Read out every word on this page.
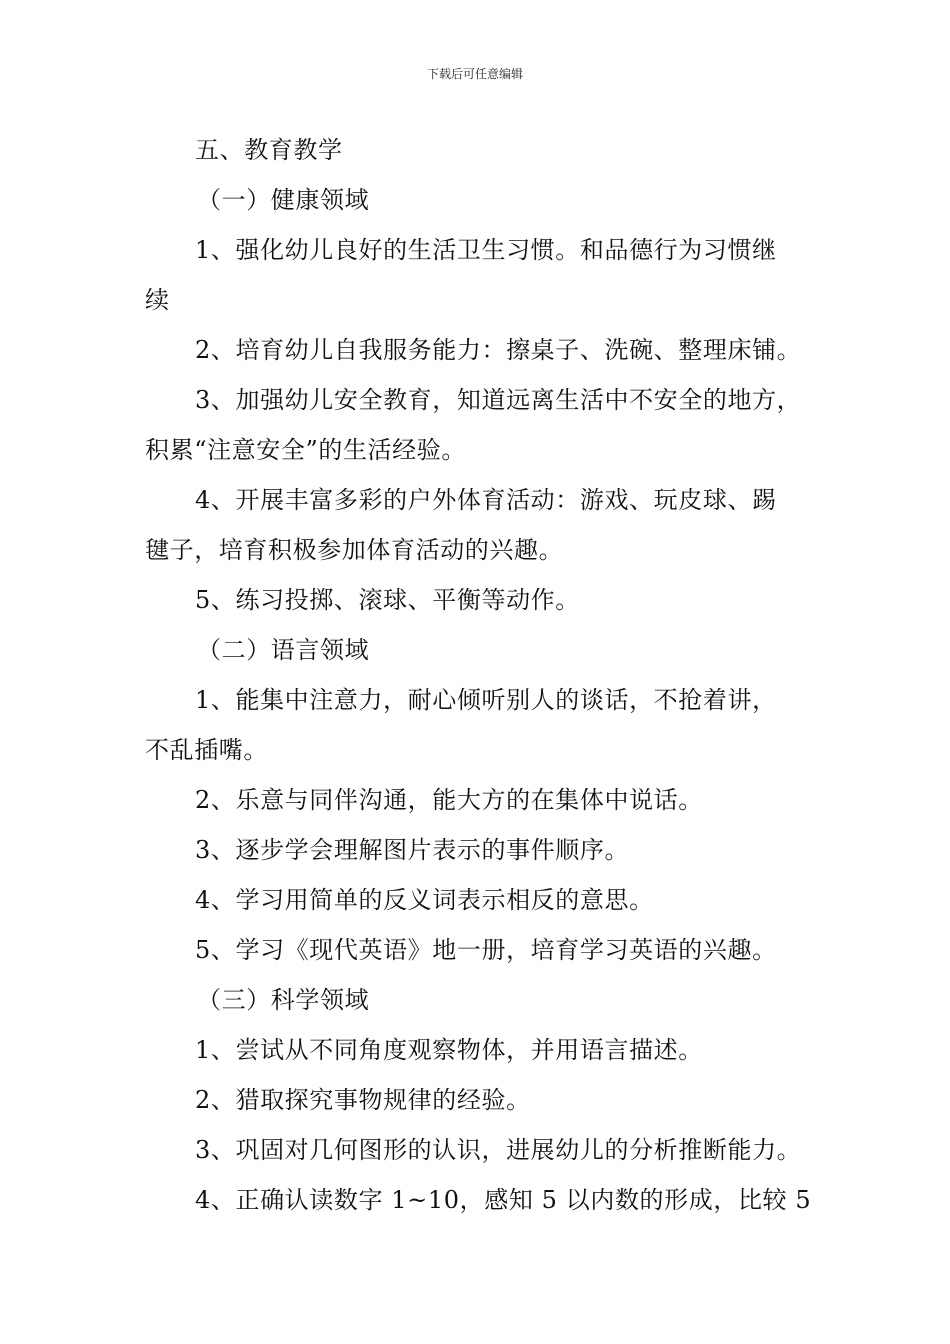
下载后可任意编辑
五、教育教学
（一）健康领域
1、强化幼儿良好的生活卫生习惯。和品德行为习惯继
续
2、培育幼儿自我服务能力：擦桌子、洗碗、整理床铺。
3、加强幼儿安全教育，知道远离生活中不安全的地方，
积累“注意安全”的生活经验。
4、开展丰富多彩的户外体育活动：游戏、玩皮球、踢
毽子，培育积极参加体育活动的兴趣。
5、练习投掷、滚球、平衡等动作。
（二）语言领域
1、能集中注意力，耐心倾听别人的谈话，不抢着讲，
不乱插嘴。
2、乐意与同伴沟通，能大方的在集体中说话。
3、逐步学会理解图片表示的事件顺序。
4、学习用简单的反义词表示相反的意思。
5、学习《现代英语》地一册，培育学习英语的兴趣。
（三）科学领域
1、尝试从不同角度观察物体，并用语言描述。
2、猎取探究事物规律的经验。
3、巩固对几何图形的认识，进展幼儿的分析推断能力。
4、正确认读数字 1~10，感知 5 以内数的形成，比较 5
